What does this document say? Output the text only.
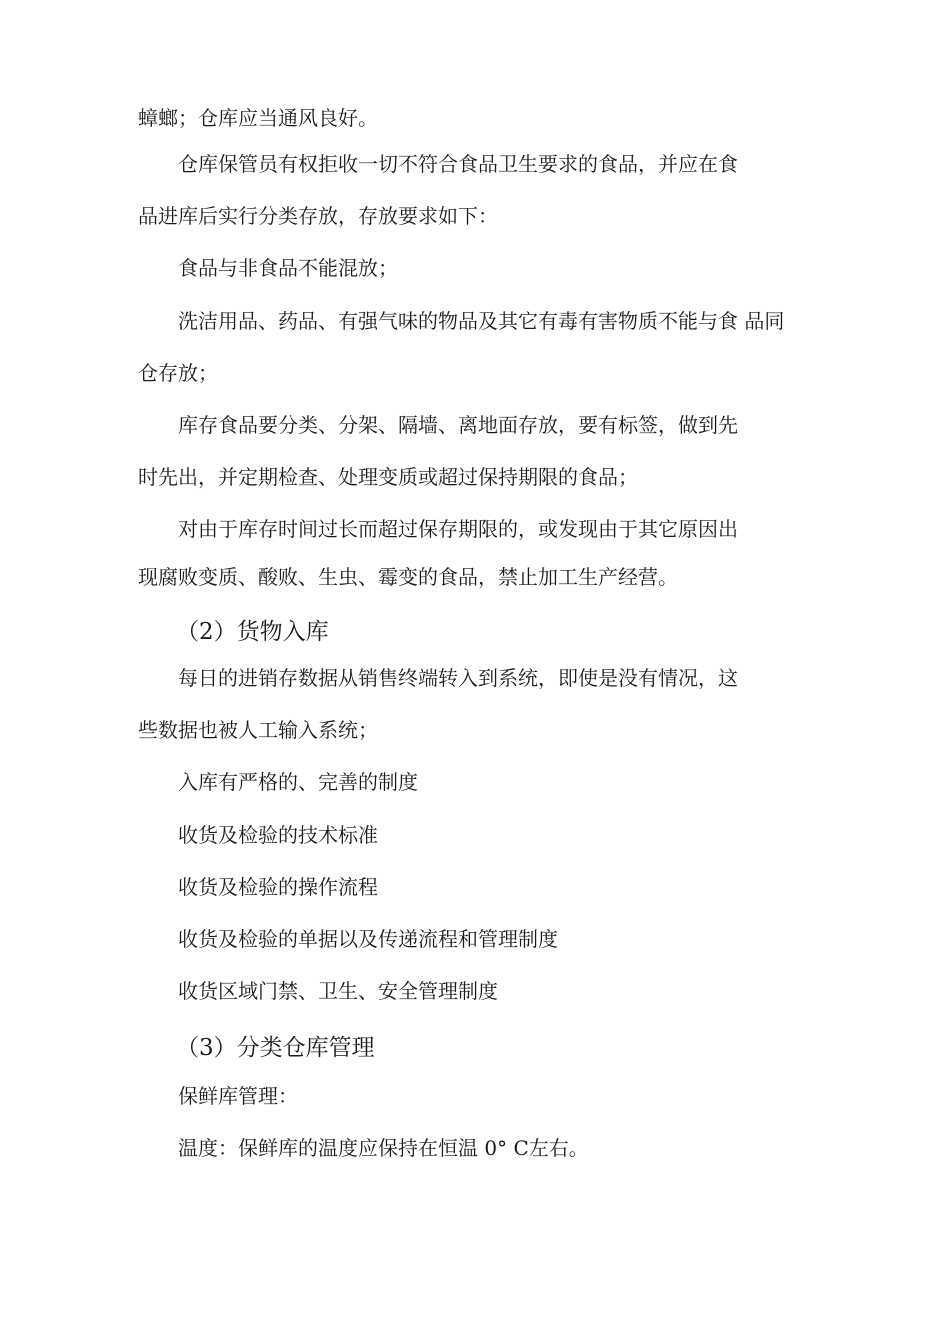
蟑螂；仓库应当通风良好。
仓库保管员有权拒收一切不符合食品卫生要求的食品，并应在食
品进库后实行分类存放，存放要求如下：
食品与非食品不能混放；
洗洁用品、药品、有强气味的物品及其它有毒有害物质不能与食 品同
仓存放；
库存食品要分类、分架、隔墙、离地面存放，要有标签，做到先
时先出，并定期检查、处理变质或超过保持期限的食品；
对由于库存时间过长而超过保存期限的，或发现由于其它原因出
现腐败变质、酸败、生虫、霉变的食品，禁止加工生产经营。
（2）货物入库
每日的进销存数据从销售终端转入到系统，即使是没有情况，这
些数据也被人工输入系统；
入库有严格的、完善的制度
收货及检验的技术标准
收货及检验的操作流程
收货及检验的单据以及传递流程和管理制度
收货区域门禁、卫生、安全管理制度
（3）分类仓库管理
保鲜库管理：
温度：保鲜库的温度应保持在恒温 0° C左右。
